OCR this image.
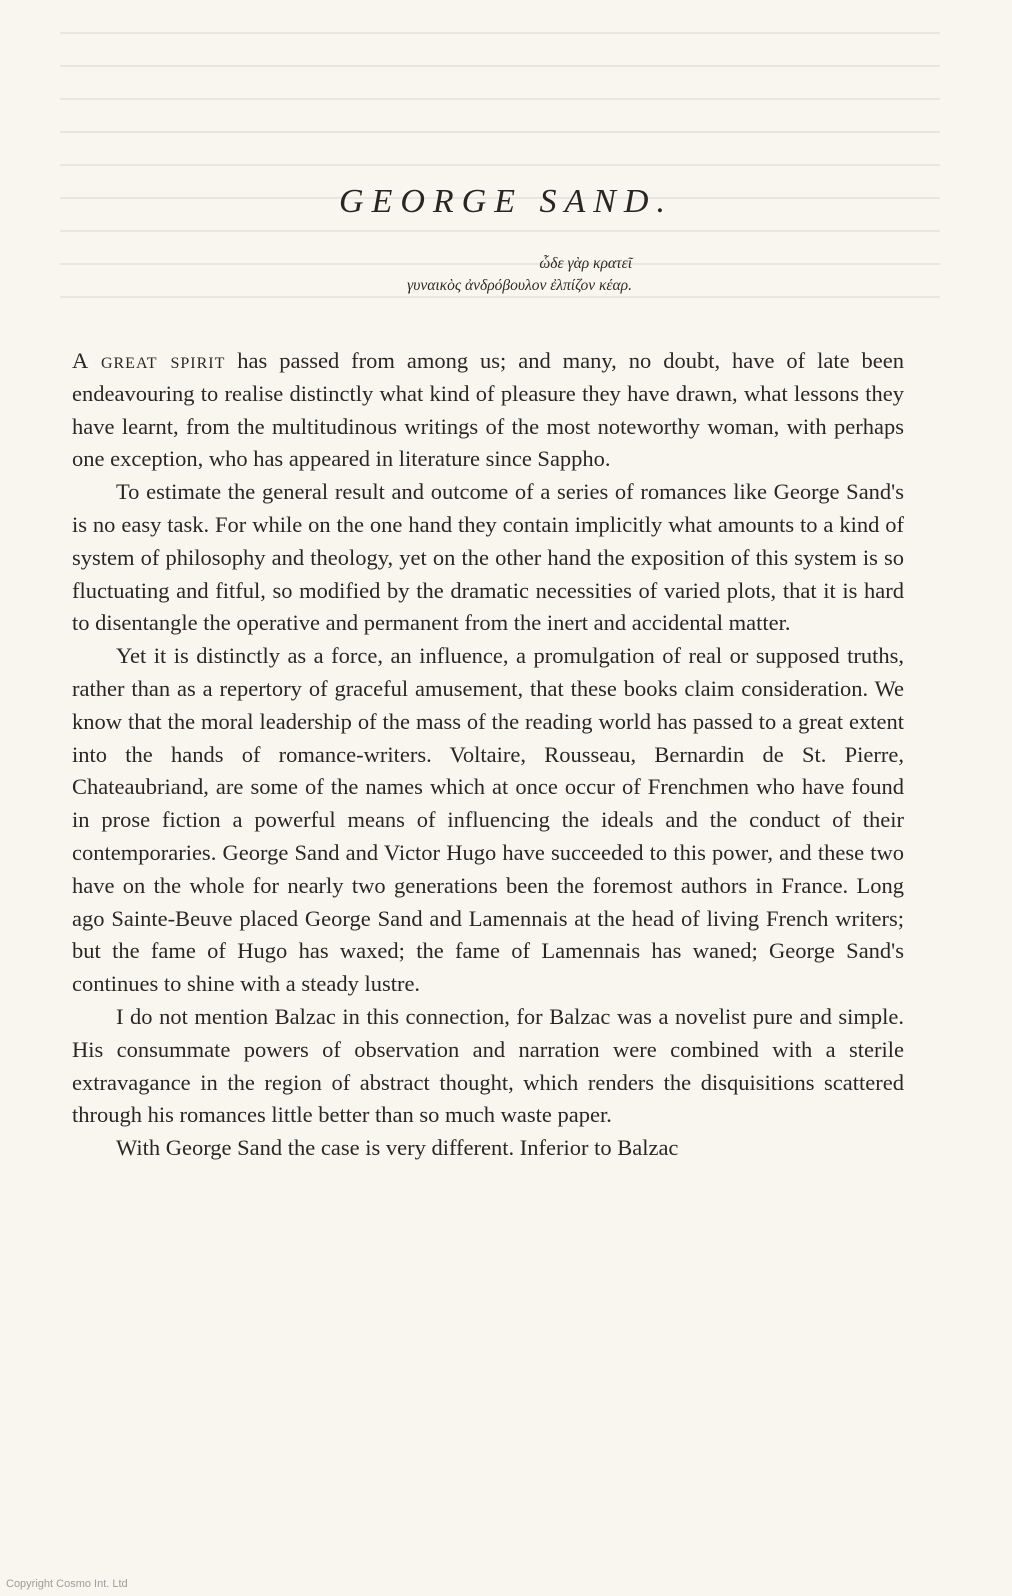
GEORGE SAND.
ὧδε γὰρ κρατεῖ
γυναικὸς ἀνδρόβουλον ἐλπίζον κέαρ.

A great spirit has passed from among us; and many, no doubt, have of late been endeavouring to realise distinctly what kind of pleasure they have drawn, what lessons they have learnt, from the multitudinous writings of the most noteworthy woman, with perhaps one exception, who has appeared in literature since Sappho.

To estimate the general result and outcome of a series of romances like George Sand's is no easy task. For while on the one hand they contain implicitly what amounts to a kind of system of philosophy and theology, yet on the other hand the exposition of this system is so fluctuating and fitful, so modified by the dramatic necessities of varied plots, that it is hard to disentangle the operative and permanent from the inert and accidental matter.

Yet it is distinctly as a force, an influence, a promulgation of real or supposed truths, rather than as a repertory of graceful amusement, that these books claim consideration. We know that the moral leadership of the mass of the reading world has passed to a great extent into the hands of romance-writers. Voltaire, Rousseau, Bernardin de St. Pierre, Chateaubriand, are some of the names which at once occur of Frenchmen who have found in prose fiction a powerful means of influencing the ideals and the conduct of their contemporaries. George Sand and Victor Hugo have succeeded to this power, and these two have on the whole for nearly two generations been the foremost authors in France. Long ago Sainte-Beuve placed George Sand and Lamennais at the head of living French writers; but the fame of Hugo has waxed; the fame of Lamennais has waned; George Sand's continues to shine with a steady lustre.

I do not mention Balzac in this connection, for Balzac was a novelist pure and simple. His consummate powers of observation and narration were combined with a sterile extravagance in the region of abstract thought, which renders the disquisitions scattered through his romances little better than so much waste paper.

With George Sand the case is very different. Inferior to Balzac

Copyright Cosmo Int. Ltd
